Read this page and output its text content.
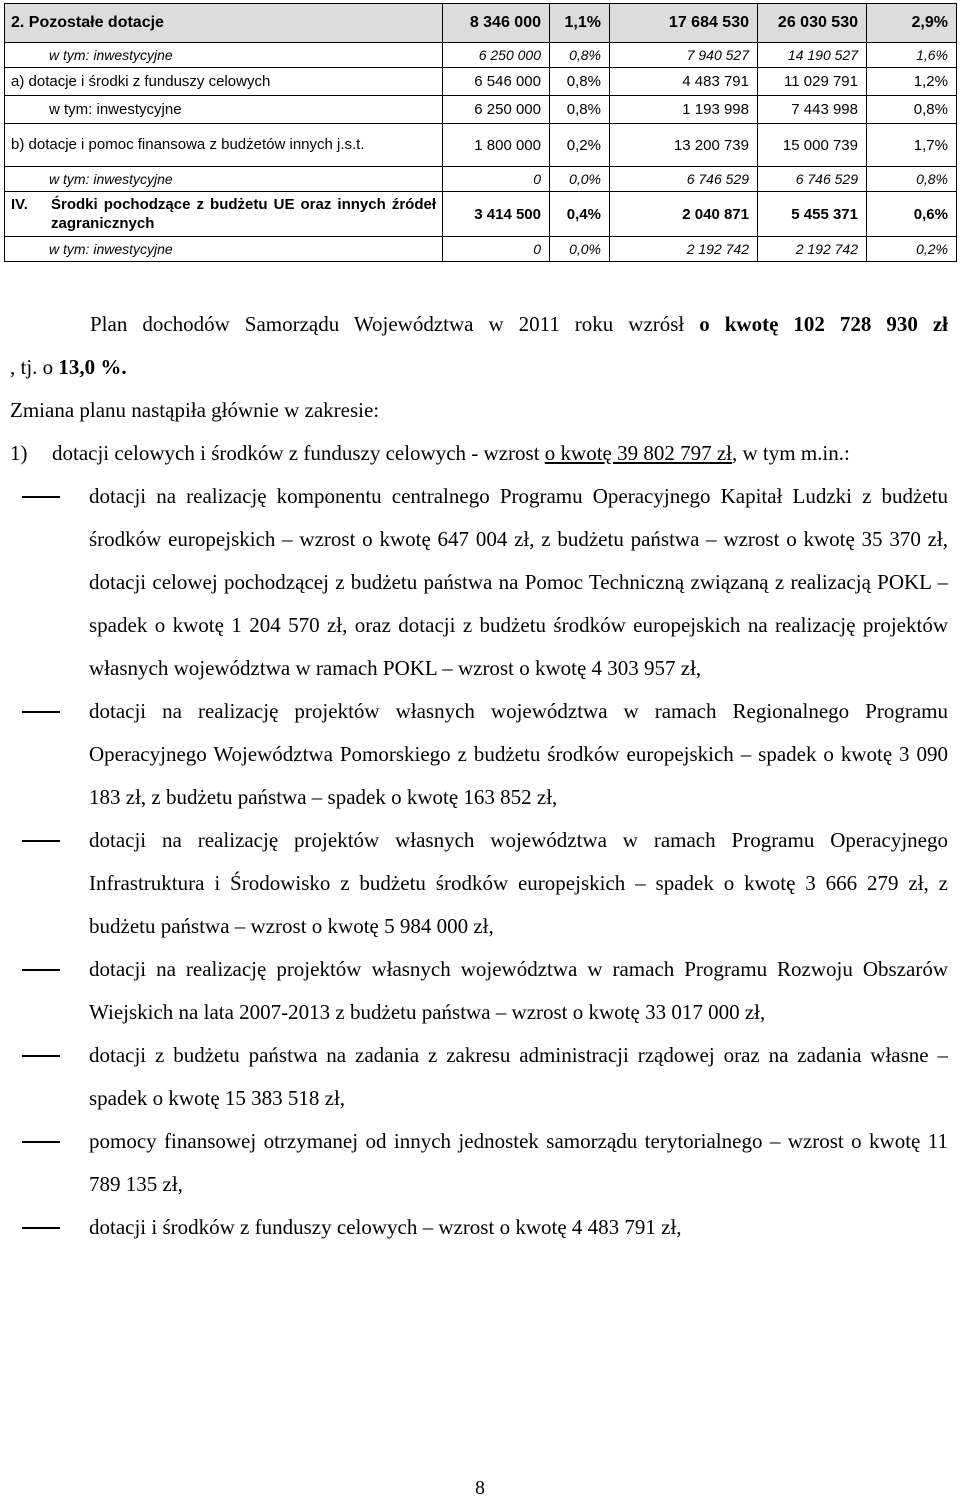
2. Pozostałe dotacje	8 346 000	1,1%	17 684 530	26 030 530	2,9%
w tym: inwestycyjne	6 250 000	0,8%	7 940 527	14 190 527	1,6%
a) dotacje i środki z funduszy celowych	6 546 000	0,8%	4 483 791	11 029 791	1,2%
w tym: inwestycyjne	6 250 000	0,8%	1 193 998	7 443 998	0,8%

b) dotacje i pomoc finansowa z budżetów innych j.s.t.	1 800 000	0,2%	13 200 739	15 000 739	1,7%
w tym: inwestycyjne	0	0,0%	6 746 529	6 746 529	0,8%

IV. Środki pochodzące z budżetu UE oraz innych źródeł zagranicznych	3 414 500	0,4%	2 040 871	5 455 371	0,6%
w tym: inwestycyjne	0	0,0%	2 192 742	2 192 742	0,2%

Plan dochodów Samorządu Województwa w 2011 roku wzrósł o kwotę 102 728 930 zł

, tj. o 13,0 %.

Zmiana planu nastąpiła głównie w zakresie:

1)	dotacji celowych i środków z funduszy celowych - wzrost o kwotę 39 802 797 zł, w tym m.in.:
dotacji na realizację komponentu centralnego Programu Operacyjnego Kapitał Ludzki z budżetu środków europejskich – wzrost o kwotę 647 004 zł, z budżetu państwa – wzrost o kwotę 35 370 zł, dotacji celowej pochodzącej z budżetu państwa na Pomoc Techniczną związaną z realizacją POKL – spadek o kwotę 1 204 570 zł, oraz dotacji z budżetu środków europejskich na realizację projektów własnych województwa w ramach POKL – wzrost o kwotę 4 303 957 zł,
dotacji na realizację projektów własnych województwa w ramach Regionalnego Programu Operacyjnego Województwa Pomorskiego z budżetu środków europejskich – spadek o kwotę 3 090 183 zł, z budżetu państwa – spadek o kwotę 163 852 zł,
dotacji na realizację projektów własnych województwa w ramach Programu Operacyjnego Infrastruktura i Środowisko z budżetu środków europejskich – spadek o kwotę 3 666 279 zł, z budżetu państwa – wzrost o kwotę 5 984 000 zł,
dotacji na realizację projektów własnych województwa w ramach Programu Rozwoju Obszarów Wiejskich na lata 2007-2013 z budżetu państwa – wzrost o kwotę 33 017 000 zł,
dotacji z budżetu państwa na zadania z zakresu administracji rządowej oraz na zadania własne – spadek o kwotę 15 383 518 zł,
pomocy finansowej otrzymanej od innych jednostek samorządu terytorialnego – wzrost o kwotę 11 789 135 zł,
dotacji i środków z funduszy celowych – wzrost o kwotę 4 483 791 zł,
8
